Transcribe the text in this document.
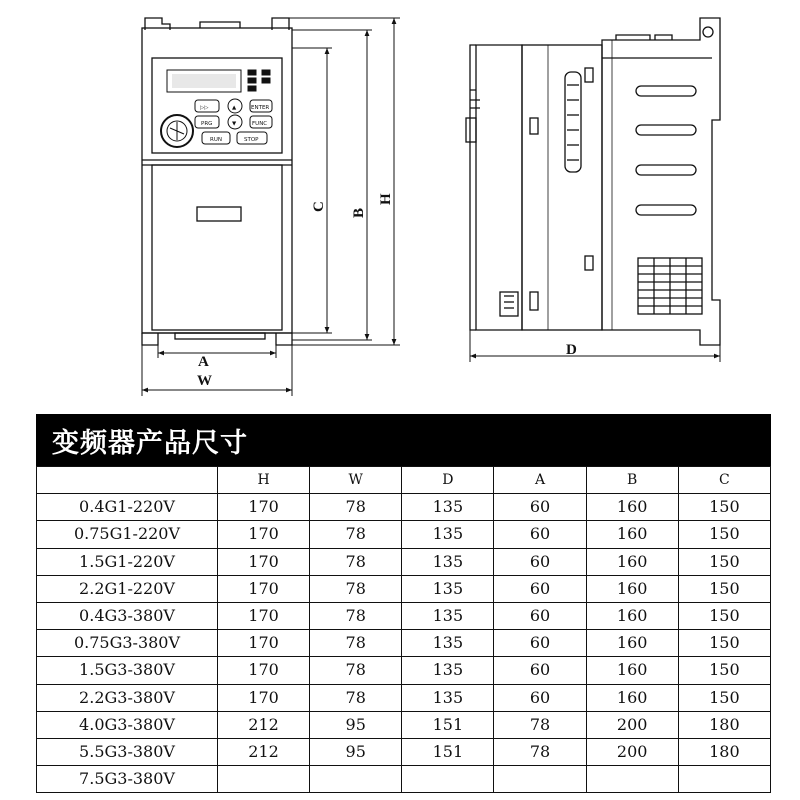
PRG	FUNC
ENTER
RUN	STOP
▷▷	▲
▼
A
W
C
B
H
D
变频器产品尺寸
	H	W	D	A	B	C
0.4G1-220V	170	78	135	60	160	150
0.75G1-220V	170	78	135	60	160	150
1.5G1-220V	170	78	135	60	160	150
2.2G1-220V	170	78	135	60	160	150
0.4G3-380V	170	78	135	60	160	150
0.75G3-380V	170	78	135	60	160	150
1.5G3-380V	170	78	135	60	160	150
2.2G3-380V	170	78	135	60	160	150
4.0G3-380V	212	95	151	78	200	180
5.5G3-380V	212	95	151	78	200	180
7.5G3-380V						
